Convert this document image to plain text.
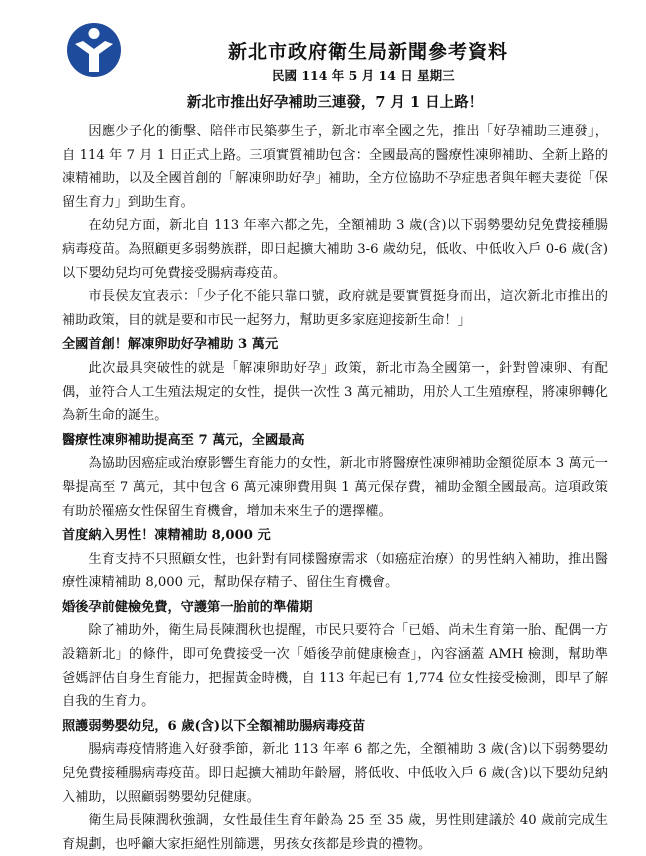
新北市政府衛生局新聞參考資料
民國 114 年 5 月 14 日 星期三
新北市推出好孕補助三連發，7 月 1 日上路！

因應少子化的衝擊、陪伴市民築夢生子，新北市率全國之先，推出「好孕補助三連發」，自 114 年 7 月 1 日正式上路。三項實質補助包含：全國最高的醫療性凍卵補助、全新上路的凍精補助，以及全國首創的「解凍卵助好孕」補助，全方位協助不孕症患者與年輕夫妻從「保留生育力」到助生育。

在幼兒方面，新北自 113 年率六都之先，全額補助 3 歲(含)以下弱勢嬰幼兒免費接種腸病毒疫苗。為照顧更多弱勢族群，即日起擴大補助 3-6 歲幼兒，低收、中低收入戶 0-6 歲(含)以下嬰幼兒均可免費接受腸病毒疫苗。

市長侯友宜表示：「少子化不能只靠口號，政府就是要實質挺身而出，這次新北市推出的補助政策，目的就是要和市民一起努力，幫助更多家庭迎接新生命！」

全國首創！解凍卵助好孕補助 3 萬元

此次最具突破性的就是「解凍卵助好孕」政策，新北市為全國第一，針對曾凍卵、有配偶，並符合人工生殖法規定的女性，提供一次性 3 萬元補助，用於人工生殖療程，將凍卵轉化為新生命的誕生。

醫療性凍卵補助提高至 7 萬元，全國最高

為協助因癌症或治療影響生育能力的女性，新北市將醫療性凍卵補助金額從原本 3 萬元一舉提高至 7 萬元，其中包含 6 萬元凍卵費用與 1 萬元保存費，補助金額全國最高。這項政策有助於罹癌女性保留生育機會，增加未來生子的選擇權。

首度納入男性！凍精補助 8,000 元

生育支持不只照顧女性，也針對有同樣醫療需求（如癌症治療）的男性納入補助，推出醫療性凍精補助 8,000 元，幫助保存精子、留住生育機會。

婚後孕前健檢免費，守護第一胎前的準備期

除了補助外，衛生局長陳潤秋也提醒，市民只要符合「已婚、尚未生育第一胎、配偶一方設籍新北」的條件，即可免費接受一次「婚後孕前健康檢查」，內容涵蓋 AMH 檢測，幫助準爸媽評估自身生育能力，把握黃金時機，自 113 年起已有 1,774 位女性接受檢測，即早了解自我的生育力。

照護弱勢嬰幼兒，6 歲(含)以下全額補助腸病毒疫苗

腸病毒疫情將進入好發季節，新北 113 年率 6 都之先，全額補助 3 歲(含)以下弱勢嬰幼兒免費接種腸病毒疫苗。即日起擴大補助年齡層，將低收、中低收入戶 6 歲(含)以下嬰幼兒納入補助，以照顧弱勢嬰幼兒健康。

衛生局長陳潤秋強調，女性最佳生育年齡為 25 至 35 歲，男性則建議於 40 歲前完成生育規劃，也呼籲大家拒絕性別篩選，男孩女孩都是珍貴的禮物。
